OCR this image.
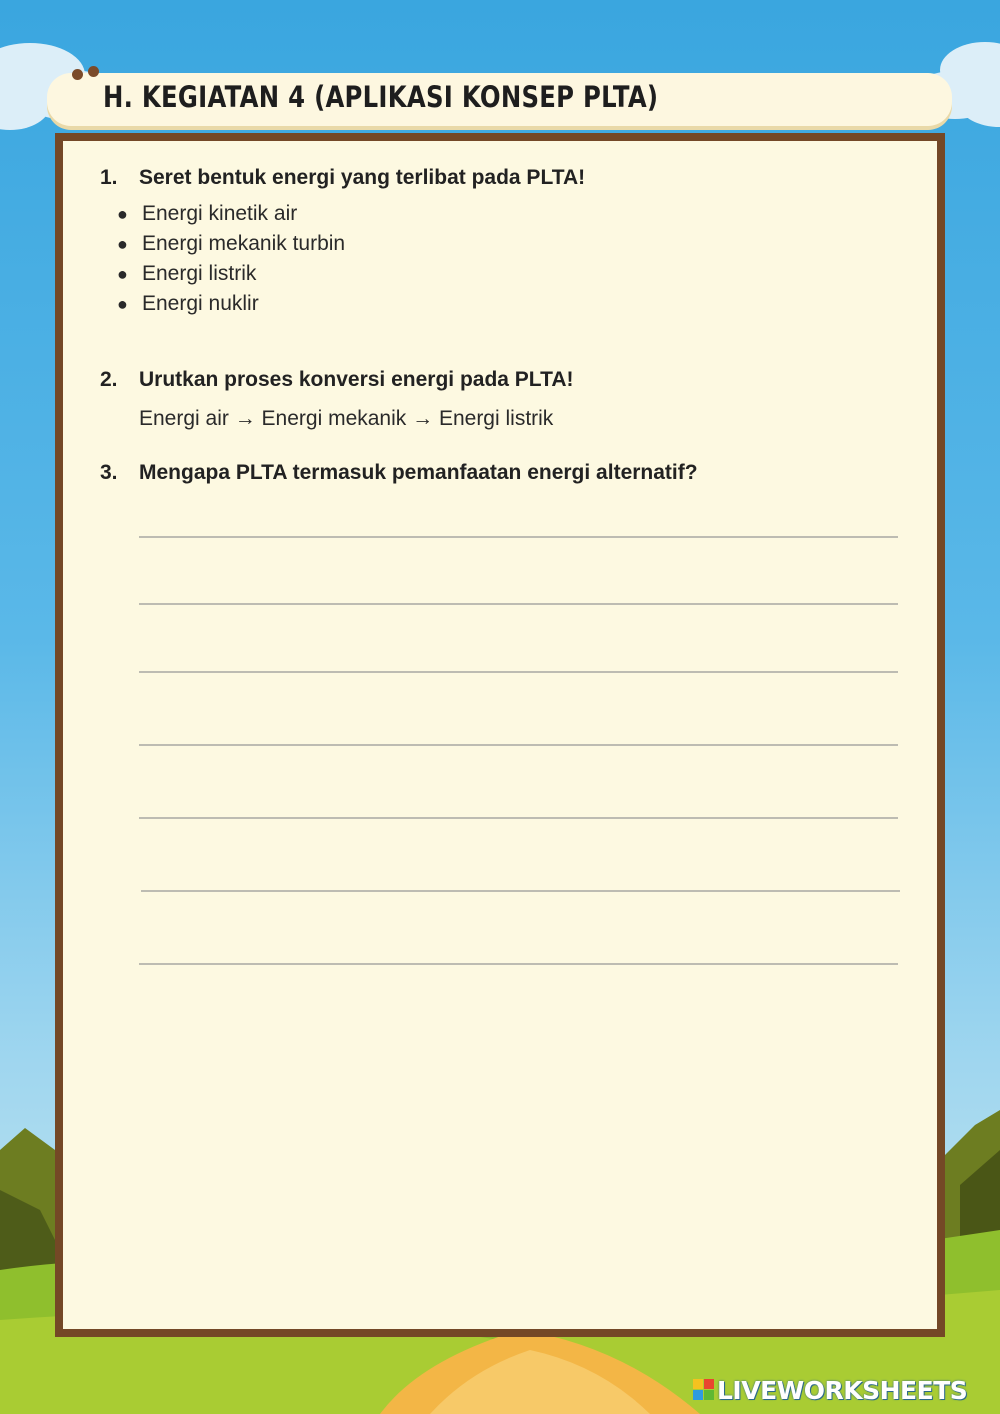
H. KEGIATAN 4 (APLIKASI KONSEP PLTA)
1. Seret bentuk energi yang terlibat pada PLTA!
● Energi kinetik air
● Energi mekanik turbin
● Energi listrik
● Energi nuklir
2. Urutkan proses konversi energi pada PLTA!
Energi air → Energi mekanik → Energi listrik
3. Mengapa PLTA termasuk pemanfaatan energi alternatif?
LIVEWORKSHEETS
